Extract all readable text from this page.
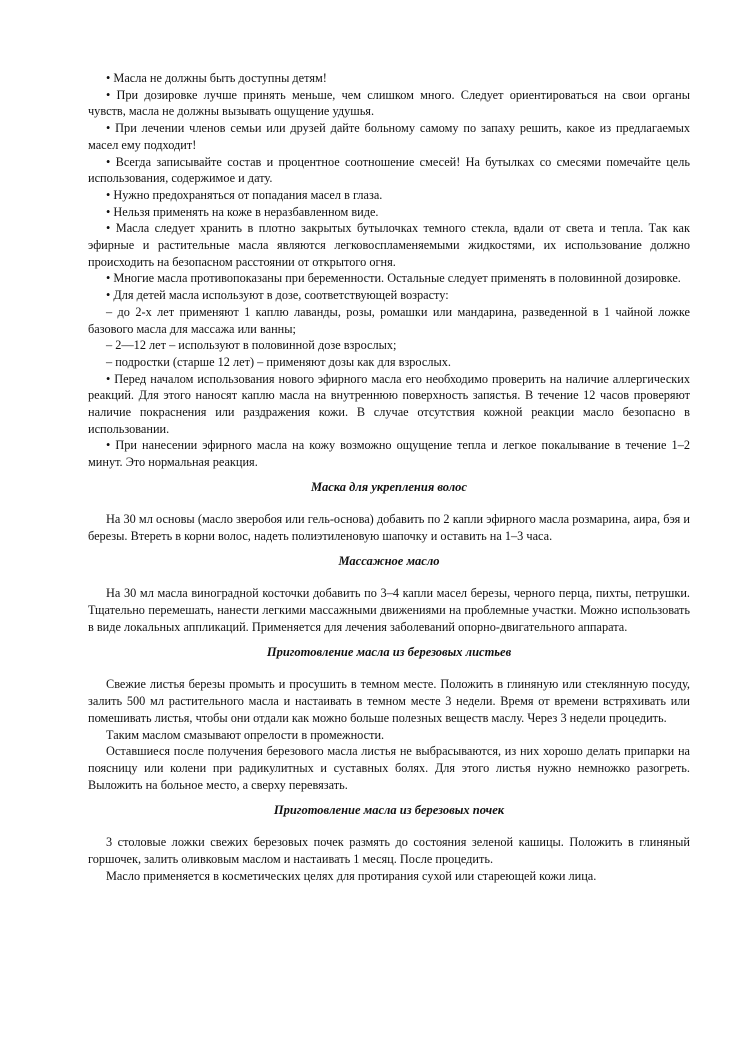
• Масла не должны быть доступны детям!

• При дозировке лучше принять меньше, чем слишком много. Следует ориентироваться на свои органы чувств, масла не должны вызывать ощущение удушья.

• При лечении членов семьи или друзей дайте больному самому по запаху решить, какое из предлагаемых масел ему подходит!

• Всегда записывайте состав и процентное соотношение смесей! На бутылках со смесями помечайте цель использования, содержимое и дату.

• Нужно предохраняться от попадания масел в глаза.

• Нельзя применять на коже в неразбавленном виде.

• Масла следует хранить в плотно закрытых бутылочках темного стекла, вдали от света и тепла. Так как эфирные и растительные масла являются легковоспламеняемыми жидкостями, их использование должно происходить на безопасном расстоянии от открытого огня.

• Многие масла противопоказаны при беременности. Остальные следует применять в половинной дозировке.

• Для детей масла используют в дозе, соответствующей возрасту:

– до 2-х лет применяют 1 каплю лаванды, розы, ромашки или мандарина, разведенной в 1 чайной ложке базового масла для массажа или ванны;

– 2—12 лет – используют в половинной дозе взрослых;

– подростки (старше 12 лет) – применяют дозы как для взрослых.

• Перед началом использования нового эфирного масла его необходимо проверить на наличие аллергических реакций. Для этого наносят каплю масла на внутреннюю поверхность запястья. В течение 12 часов проверяют наличие покраснения или раздражения кожи. В случае отсутствия кожной реакции масло безопасно в использовании.

• При нанесении эфирного масла на кожу возможно ощущение тепла и легкое покалывание в течение 1–2 минут. Это нормальная реакция.

Маска для укрепления волос

На 30 мл основы (масло зверобоя или гель-основа) добавить по 2 капли эфирного масла розмарина, аира, бэя и березы. Втереть в корни волос, надеть полиэтиленовую шапочку и оставить на 1–3 часа.

Массажное масло

На 30 мл масла виноградной косточки добавить по 3–4 капли масел березы, черного перца, пихты, петрушки. Тщательно перемешать, нанести легкими массажными движениями на проблемные участки. Можно использовать в виде локальных аппликаций. Применяется для лечения заболеваний опорно-двигательного аппарата.

Приготовление масла из березовых листьев

Свежие листья березы промыть и просушить в темном месте. Положить в глиняную или стеклянную посуду, залить 500 мл растительного масла и настаивать в темном месте 3 недели. Время от времени встряхивать или помешивать листья, чтобы они отдали как можно больше полезных веществ маслу. Через 3 недели процедить.

Таким маслом смазывают опрелости в промежности.

Оставшиеся после получения березового масла листья не выбрасываются, из них хорошо делать припарки на поясницу или колени при радикулитных и суставных болях. Для этого листья нужно немножко разогреть. Выложить на больное место, а сверху перевязать.

Приготовление масла из березовых почек

3 столовые ложки свежих березовых почек размять до состояния зеленой кашицы. Положить в глиняный горшочек, залить оливковым маслом и настаивать 1 месяц. После процедить.

Масло применяется в косметических целях для протирания сухой или стареющей кожи лица.
